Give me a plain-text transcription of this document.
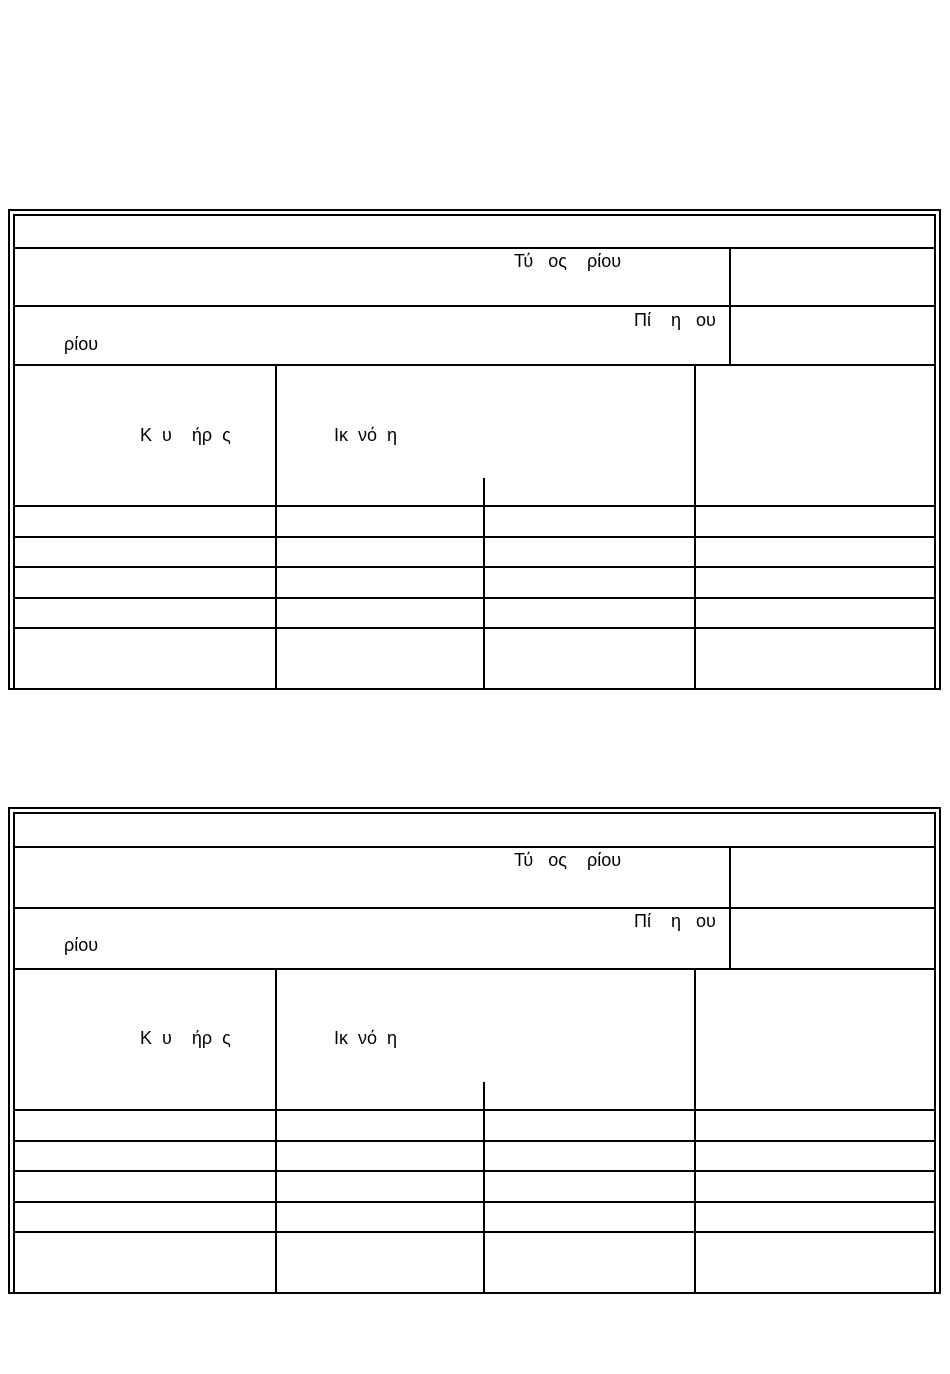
Τύ   ος    ρίου
Πί    η   ου
ρίου
Κ  υ    ήρ  ς	Ικ  νό  η
Τύ   ος    ρίου
Πί    η   ου
ρίου
Κ  υ    ήρ  ς	Ικ  νό  η
